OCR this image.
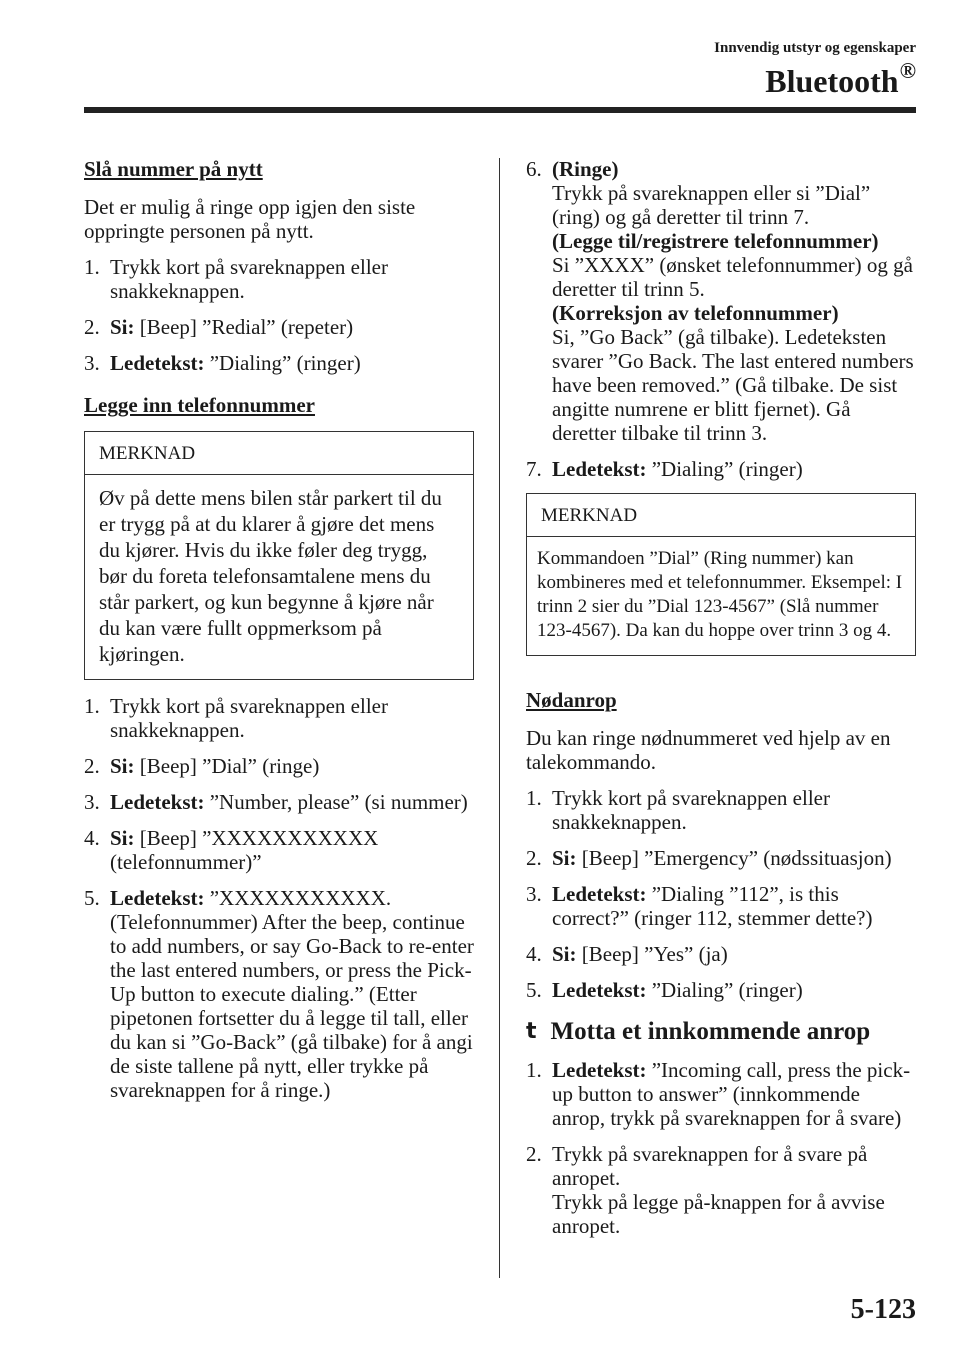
Innvendig utstyr og egenskaper
Bluetooth®
Slå nummer på nytt
Det er mulig å ringe opp igjen den siste oppringte personen på nytt.
1. Trykk kort på svareknappen eller snakkeknappen.
2. Si: [Beep] ”Redial” (repeter)
3. Ledetekst: ”Dialing” (ringer)
Legge inn telefonnummer
MERKNAD
Øv på dette mens bilen står parkert til du er trygg på at du klarer å gjøre det mens du kjører. Hvis du ikke føler deg trygg, bør du foreta telefonsamtalene mens du står parkert, og kun begynne å kjøre når du kan være fullt oppmerksom på kjøringen.
1. Trykk kort på svareknappen eller snakkeknappen.
2. Si: [Beep] ”Dial” (ringe)
3. Ledetekst: ”Number, please” (si nummer)
4. Si: [Beep] ”XXXXXXXXXXX (telefonnummer)”
5. Ledetekst: ”XXXXXXXXXXX. (Telefonnummer) After the beep, continue to add numbers, or say Go-Back to re-enter the last entered numbers, or press the Pick-Up button to execute dialing.” (Etter pipetonen fortsetter du å legge til tall, eller du kan si ”Go-Back” (gå tilbake) for å angi de siste tallene på nytt, eller trykke på svareknappen for å ringe.)
6. (Ringe)
Trykk på svareknappen eller si ”Dial” (ring) og gå deretter til trinn 7.
(Legge til/registrere telefonnummer)
Si ”XXXX” (ønsket telefonnummer) og gå deretter til trinn 5.
(Korreksjon av telefonnummer)
Si, ”Go Back” (gå tilbake). Ledeteksten svarer ”Go Back. The last entered numbers have been removed.” (Gå tilbake. De sist angitte numrene er blitt fjernet). Gå deretter tilbake til trinn 3.
7. Ledetekst: ”Dialing” (ringer)
MERKNAD
Kommandoen ”Dial” (Ring nummer) kan kombineres med et telefonnummer. Eksempel: I trinn 2 sier du ”Dial 123-4567” (Slå nummer 123-4567). Da kan du hoppe over trinn 3 og 4.
Nødanrop
Du kan ringe nødnummeret ved hjelp av en talekommando.
1. Trykk kort på svareknappen eller snakkeknappen.
2. Si: [Beep] ”Emergency” (nødssituasjon)
3. Ledetekst: ”Dialing ”112”, is this correct?” (ringer 112, stemmer dette?)
4. Si: [Beep] ”Yes” (ja)
5. Ledetekst: ”Dialing” (ringer)
t Motta et innkommende anrop
1. Ledetekst: ”Incoming call, press the pick-up button to answer” (innkommende anrop, trykk på svareknappen for å svare)
2. Trykk på svareknappen for å svare på anropet.
Trykk på legge på-knappen for å avvise anropet.
5-123
